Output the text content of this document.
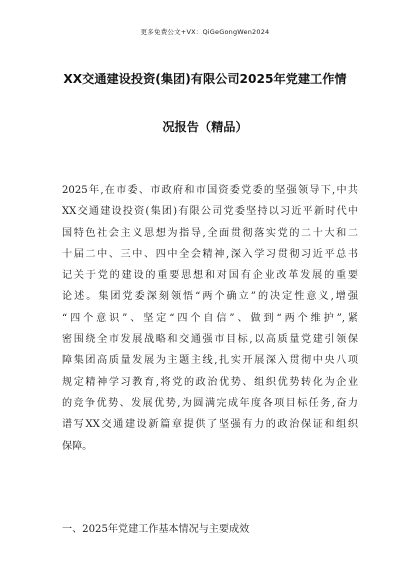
更多免费公文+VX：QiGeGongWen2024
XX交通建设投资(集团)有限公司2025年党建工作情
况报告（精品）
2025年,在市委、市政府和市国资委党委的坚强领导下,中共
XX交通建设投资(集团)有限公司党委坚持以习近平新时代中
国特色社会主义思想为指导,全面贯彻落实党的二十大和二
十届二中、三中、四中全会精神,深入学习贯彻习近平总书
记关于党的建设的重要思想和对国有企业改革发展的重要
论述。集团党委深刻领悟“两个确立”的决定性意义,增强
“四个意识”、坚定“四个自信”、做到“两个维护”,紧
密围绕全市发展战略和交通强市目标,以高质量党建引领保
障集团高质量发展为主题主线,扎实开展深入贯彻中央八项
规定精神学习教育,将党的政治优势、组织优势转化为企业
的竞争优势、发展优势,为圆满完成年度各项目标任务,奋力
谱写XX交通建设新篇章提供了坚强有力的政治保证和组织
保障。
一、2025年党建工作基本情况与主要成效
